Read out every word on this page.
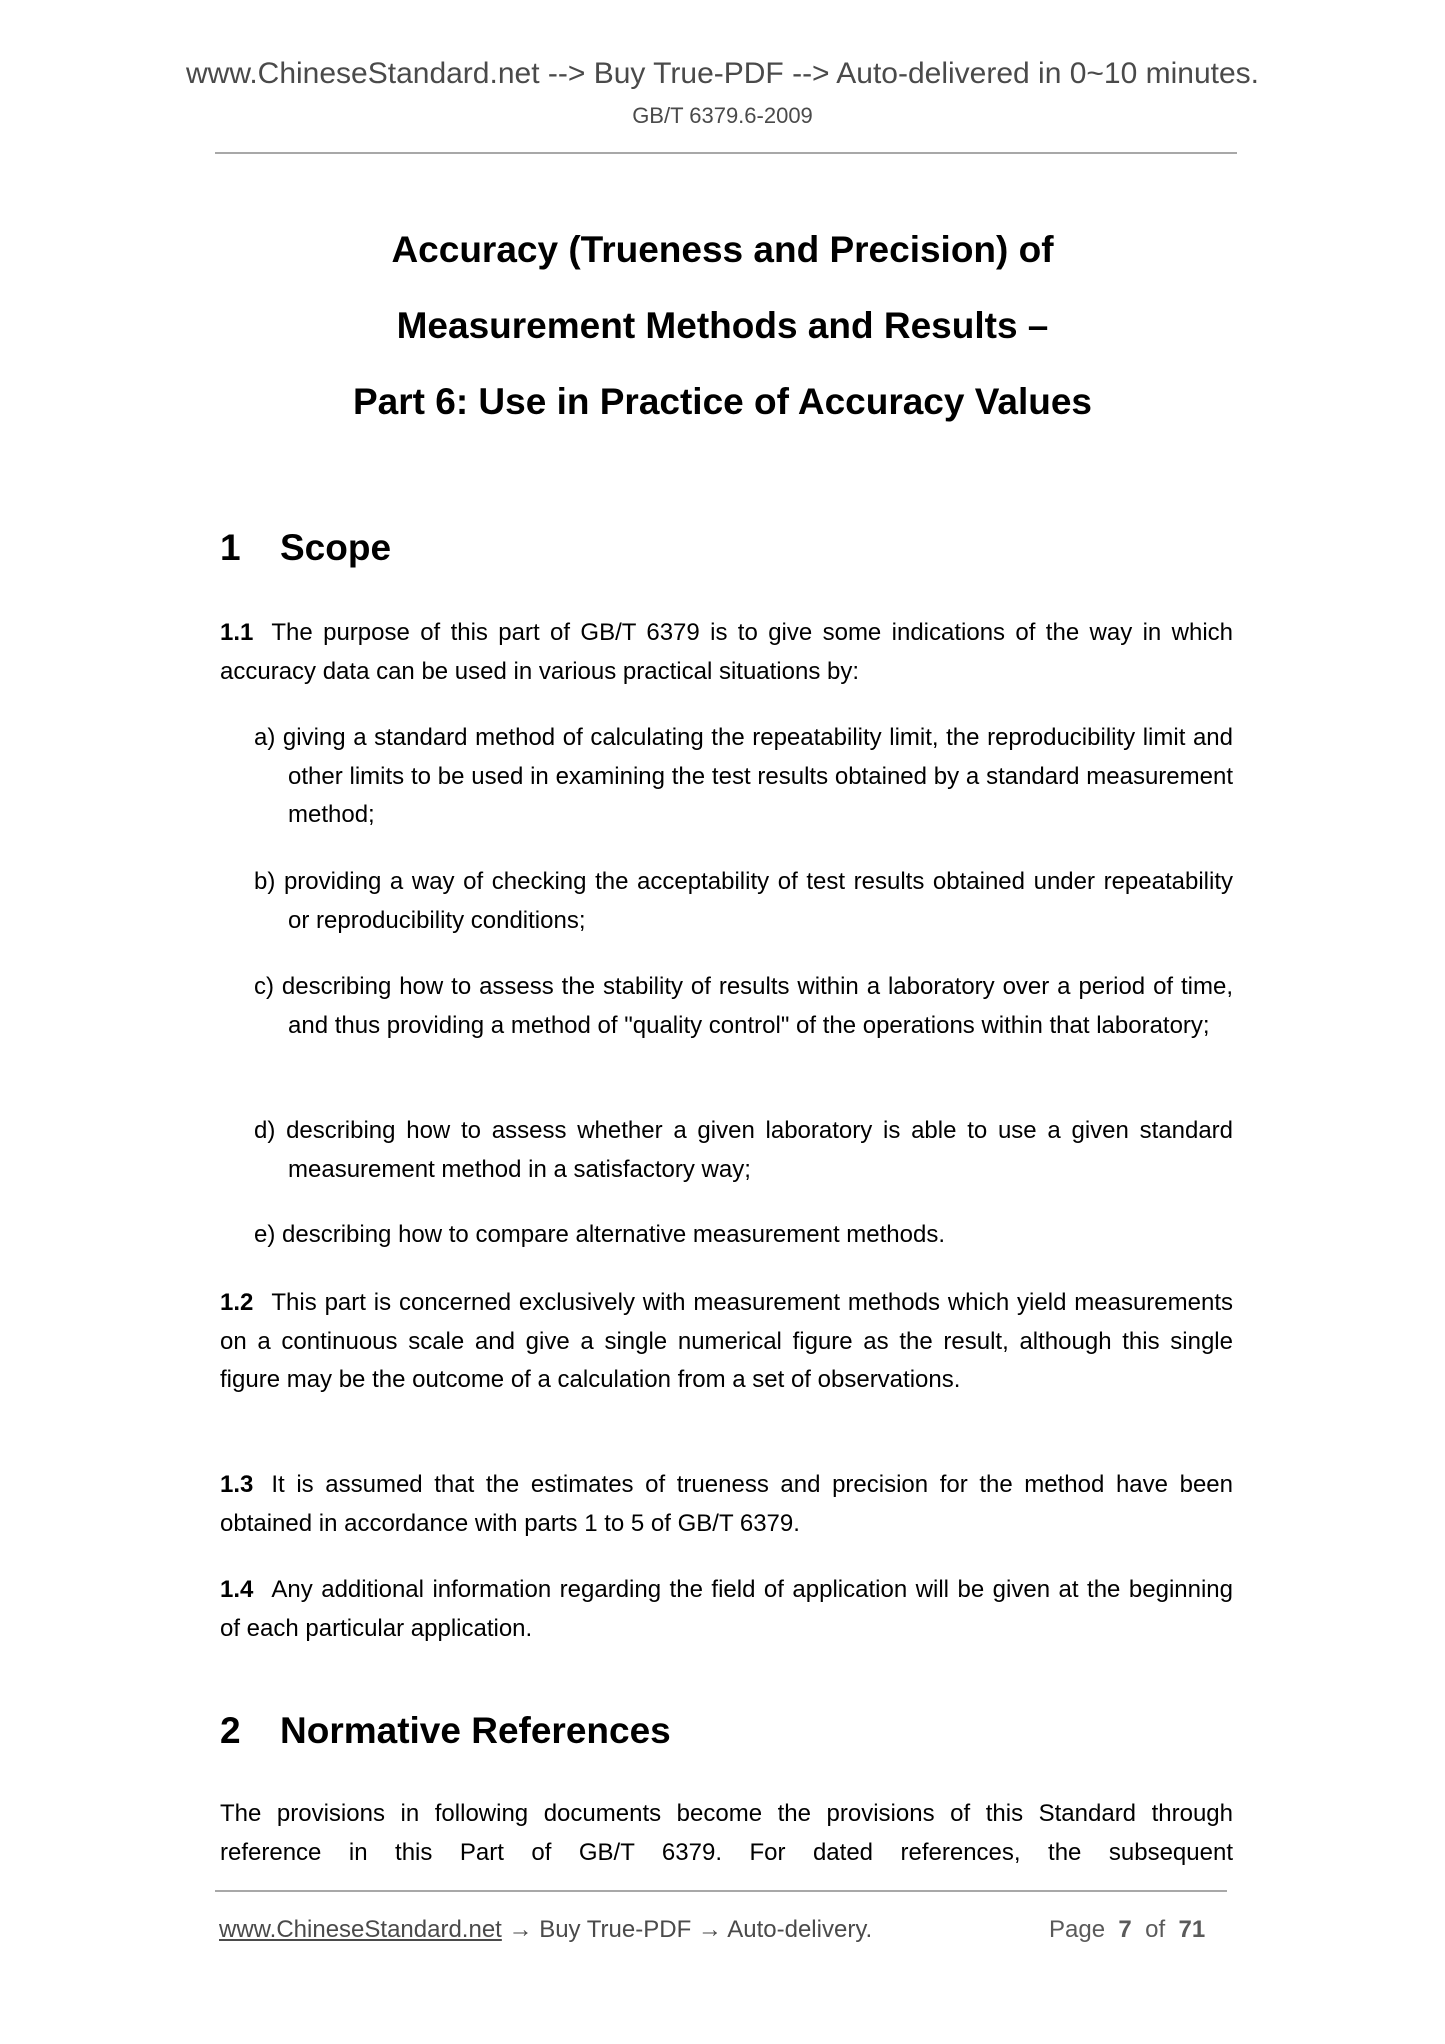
www.ChineseStandard.net --> Buy True-PDF --> Auto-delivered in 0~10 minutes.
GB/T 6379.6-2009
Accuracy (Trueness and Precision) of
Measurement Methods and Results –
Part 6: Use in Practice of Accuracy Values
1 Scope
1.1 The purpose of this part of GB/T 6379 is to give some indications of the way in which accuracy data can be used in various practical situations by:
a) giving a standard method of calculating the repeatability limit, the reproducibility limit and other limits to be used in examining the test results obtained by a standard measurement method;
b) providing a way of checking the acceptability of test results obtained under repeatability or reproducibility conditions;
c) describing how to assess the stability of results within a laboratory over a period of time, and thus providing a method of "quality control" of the operations within that laboratory;
d) describing how to assess whether a given laboratory is able to use a given standard measurement method in a satisfactory way;
e) describing how to compare alternative measurement methods.
1.2 This part is concerned exclusively with measurement methods which yield measurements on a continuous scale and give a single numerical figure as the result, although this single figure may be the outcome of a calculation from a set of observations.
1.3 It is assumed that the estimates of trueness and precision for the method have been obtained in accordance with parts 1 to 5 of GB/T 6379.
1.4 Any additional information regarding the field of application will be given at the beginning of each particular application.
2 Normative References
The provisions in following documents become the provisions of this Standard through reference in this Part of GB/T 6379. For dated references, the subsequent
www.ChineseStandard.net → Buy True-PDF → Auto-delivery.	Page 7 of 71
